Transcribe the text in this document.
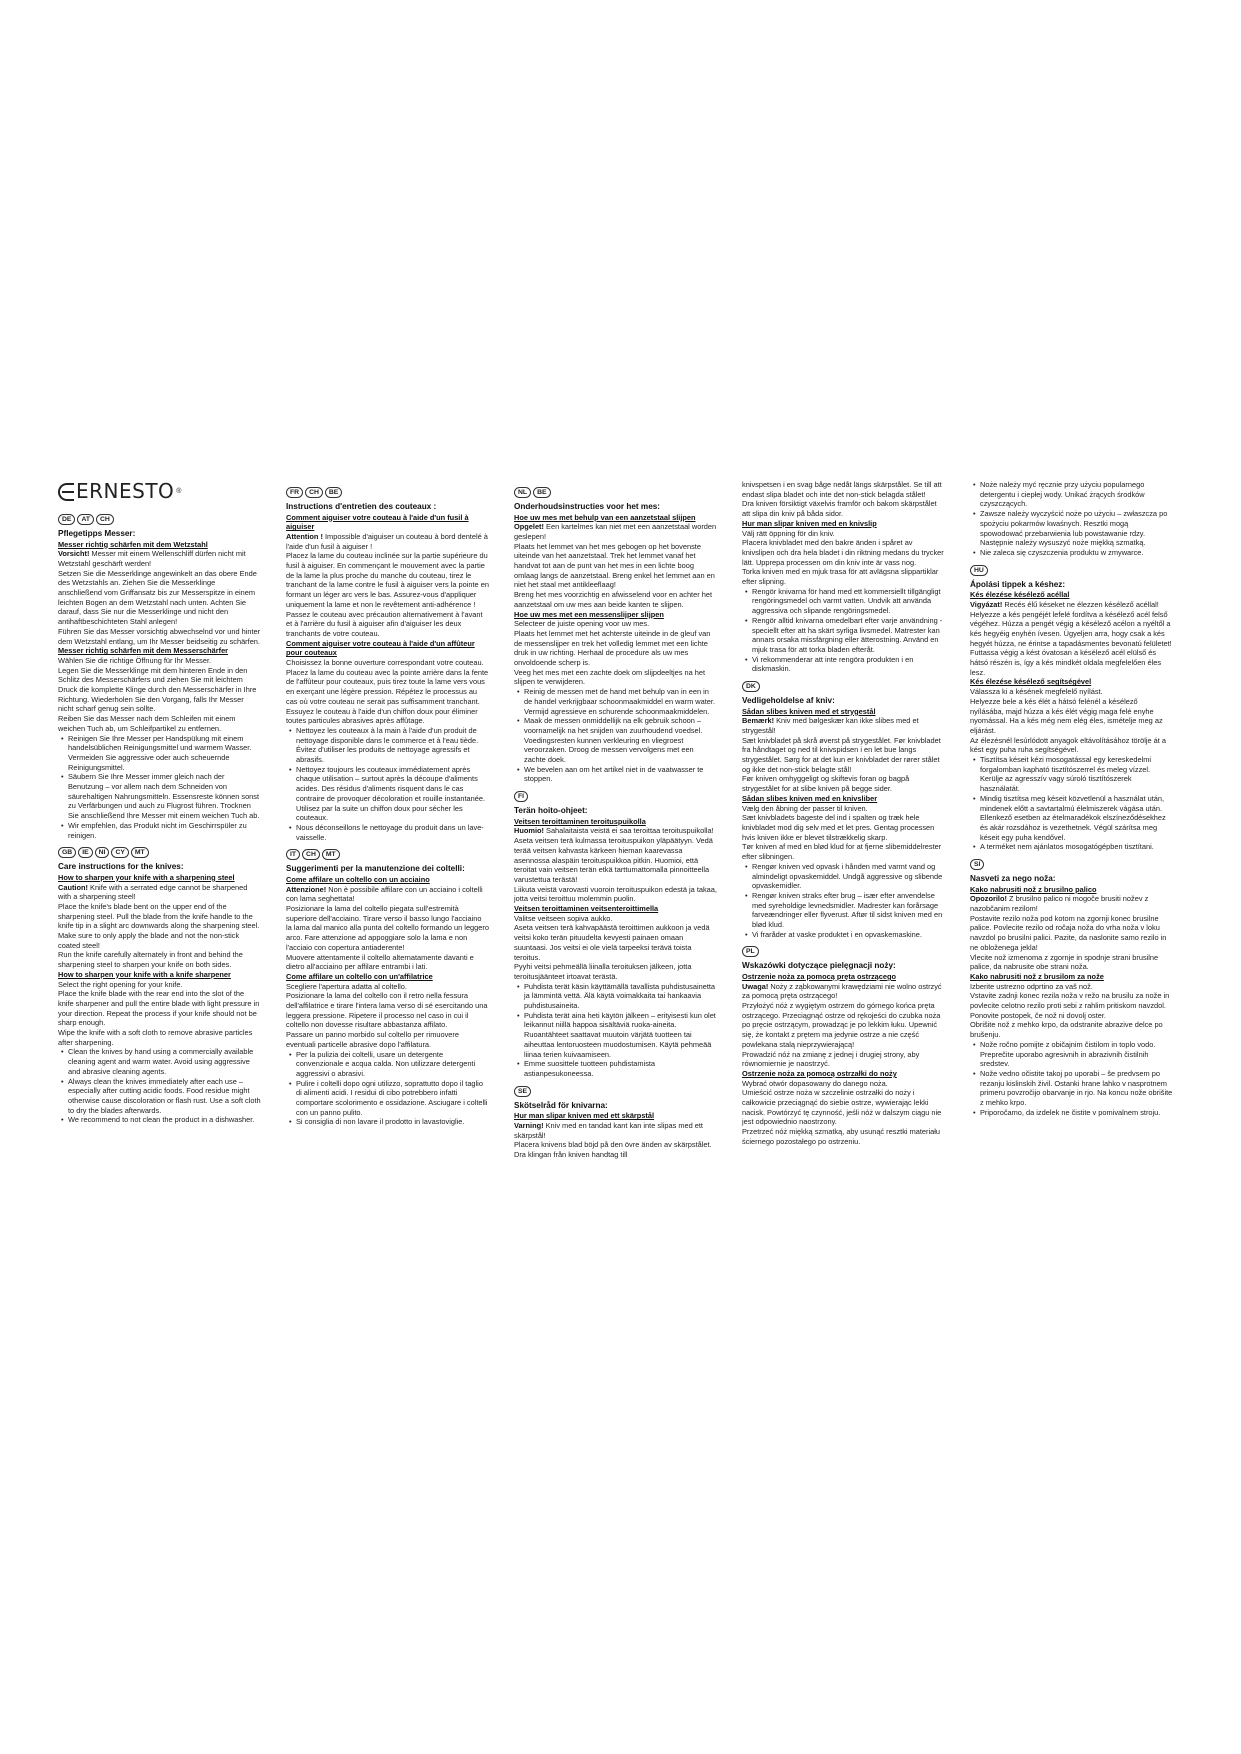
ERNESTO ®
DE	AT	CH
Pflegetipps Messer:

Messer richtig schärfen mit dem Wetzstahl

Vorsicht! Messer mit einem Wellenschliff dürfen nicht mit Wetzstahl geschärft werden!

Setzen Sie die Messerklinge angewinkelt an das obere Ende des Wetzstahls an. Ziehen Sie die Messerklinge anschließend vom Griffansatz bis zur Messerspitze in einem leichten Bogen an dem Wetzstahl nach unten. Achten Sie darauf, dass Sie nur die Messerklinge und nicht den antihaftbeschichteten Stahl anlegen!

Führen Sie das Messer vorsichtig abwechselnd vor und hinter dem Wetzstahl entlang, um Ihr Messer beidseitig zu schärfen.

Messer richtig schärfen mit dem Messerschärfer

Wählen Sie die richtige Öffnung für Ihr Messer.

Legen Sie die Messerklinge mit dem hinteren Ende in den Schlitz des Messerschärfers und ziehen Sie mit leichtem Druck die komplette Klinge durch den Messerschärfer in Ihre Richtung. Wiederholen Sie den Vorgang, falls Ihr Messer nicht scharf genug sein sollte.

Reiben Sie das Messer nach dem Schleifen mit einem weichen Tuch ab, um Schleifpartikel zu entfernen.

• Reinigen Sie Ihre Messer per Handspülung mit einem handelsüblichen Reinigungsmittel und warmem Wasser. Vermeiden Sie aggressive oder auch scheuernde Reinigungsmittel.

• Säubern Sie Ihre Messer immer gleich nach der Benutzung – vor allem nach dem Schneiden von säurehaltigen Nahrungsmitteln. Essensreste können sonst zu Verfärbungen und auch zu Flugrost führen. Trocknen Sie anschließend Ihre Messer mit einem weichen Tuch ab.

• Wir empfehlen, das Produkt nicht im Geschirrspüler zu reinigen.

GB	IE	NI	CY	MT
Care instructions for the knives:

How to sharpen your knife with a sharpening steel

Caution! Knife with a serrated edge cannot be sharpened with a sharpening steel!

Place the knife's blade bent on the upper end of the sharpening steel. Pull the blade from the knife handle to the knife tip in a slight arc downwards along the sharpening steel. Make sure to only apply the blade and not the non-stick coated steel!

Run the knife carefully alternately in front and behind the sharpening steel to sharpen your knife on both sides.

How to sharpen your knife with a knife sharpener

Select the right opening for your knife.

Place the knife blade with the rear end into the slot of the knife sharpener and pull the entire blade with light pressure in your direction. Repeat the process if your knife should not be sharp enough.

Wipe the knife with a soft cloth to remove abrasive particles after sharpening.

• Clean the knives by hand using a commercially available cleaning agent and warm water. Avoid using aggressive and abrasive cleaning agents.

• Always clean the knives immediately after each use – especially after cutting acidic foods. Food residue might otherwise cause discoloration or flash rust. Use a soft cloth to dry the blades afterwards.

• We recommend to not clean the product in a dishwasher.

FR	CH	BE
Instructions d'entretien des couteaux :

Comment aiguiser votre couteau à l'aide d'un fusil à aiguiser

Attention ! Impossible d'aiguiser un couteau à bord dentelé à l'aide d'un fusil à aiguiser !

Placez la lame du couteau inclinée sur la partie supérieure du fusil à aiguiser. En commençant le mouvement avec la partie de la lame la plus proche du manche du couteau, tirez le tranchant de la lame contre le fusil à aiguiser vers la pointe en formant un léger arc vers le bas. Assurez-vous d'appliquer uniquement la lame et non le revêtement anti-adhérence !

Passez le couteau avec précaution alternativement à l'avant et à l'arrière du fusil à aiguiser afin d'aiguiser les deux tranchants de votre couteau.

Comment aiguiser votre couteau à l'aide d'un affûteur pour couteaux

Choisissez la bonne ouverture correspondant votre couteau.

Placez la lame du couteau avec la pointe arrière dans la fente de l'affûteur pour couteaux, puis tirez toute la lame vers vous en exerçant une légère pression. Répétez le processus au cas où votre couteau ne serait pas suffisamment tranchant.

Essuyez le couteau à l'aide d'un chiffon doux pour éliminer toutes particules abrasives après affûtage.

• Nettoyez les couteaux à la main à l'aide d'un produit de nettoyage disponible dans le commerce et à l'eau tiède. Évitez d'utiliser les produits de nettoyage agressifs et abrasifs.

• Nettoyez toujours les couteaux immédiatement après chaque utilisation – surtout après la découpe d'aliments acides. Des résidus d'aliments risquent dans le cas contraire de provoquer décoloration et rouille instantanée. Utilisez par la suite un chiffon doux pour sécher les couteaux.

• Nous déconseillons le nettoyage du produit dans un lave-vaisselle.

IT	CH	MT
Suggerimenti per la manutenzione dei coltelli:

Come affilare un coltello con un acciaino

Attenzione! Non è possibile affilare con un acciaino i coltelli con lama seghettata!

Posizionare la lama del coltello piegata sull'estremità superiore dell'acciaino. Tirare verso il basso lungo l'acciaino la lama dal manico alla punta del coltello formando un leggero arco. Fare attenzione ad appoggiare solo la lama e non l'acciaio con copertura antiaderente!

Muovere attentamente il coltello alternatamente davanti e dietro all'acciaino per affilare entrambi i lati.

Come affilare un coltello con un'affilatrice

Scegliere l'apertura adatta al coltello.

Posizionare la lama del coltello con il retro nella fessura dell'affilatrice e tirare l'intera lama verso di sé esercitando una leggera pressione. Ripetere il processo nel caso in cui il coltello non dovesse risultare abbastanza affilato.

Passare un panno morbido sul coltello per rimuovere eventuali particelle abrasive dopo l'affilatura.

• Per la pulizia dei coltelli, usare un detergente convenzionale e acqua calda. Non utilizzare detergenti aggressivi o abrasivi.

• Pulire i coltelli dopo ogni utilizzo, soprattutto dopo il taglio di alimenti acidi. I residui di cibo potrebbero infatti comportare scolorimento e ossidazione. Asciugare i coltelli con un panno pulito.

• Si consiglia di non lavare il prodotto in lavastoviglie.

NL	BE
Onderhoudsinstructies voor het mes:

Hoe uw mes met behulp van een aanzetstaal slijpen

Opgelet! Een kartelmes kan niet met een aanzetstaal worden geslepen!

Plaats het lemmet van het mes gebogen op het bovenste uiteinde van het aanzetstaal. Trek het lemmet vanaf het handvat tot aan de punt van het mes in een lichte boog omlaag langs de aanzetstaal. Breng enkel het lemmet aan en niet het staal met antikleeflaag!

Breng het mes voorzichtig en afwisselend voor en achter het aanzetstaal om uw mes aan beide kanten te slijpen.

Hoe uw mes met een messenslijper slijpen

Selecteer de juiste opening voor uw mes.

Plaats het lemmet met het achterste uiteinde in de gleuf van de messenslijper en trek het volledig lemmet met een lichte druk in uw richting. Herhaal de procedure als uw mes onvoldoende scherp is.

Veeg het mes met een zachte doek om slijpdeeltjes na het slijpen te verwijderen.

• Reinig de messen met de hand met behulp van in een in de handel verkrijgbaar schoonmaakmiddel en warm water. Vermijd agressieve en schurende schoonmaakmiddelen.

• Maak de messen onmiddellijk na elk gebruik schoon – voornamelijk na het snijden van zuurhoudend voedsel. Voedingsresten kunnen verkleuring en vliegroest veroorzaken. Droog de messen vervolgens met een zachte doek.

• We bevelen aan om het artikel niet in de vaatwasser te stoppen.

FI
Terän hoito-ohjeet:

Veitsen teroittaminen teroituspuikolla

Huomio! Sahalaitaista veistä ei saa teroittaa teroituspuikolla!

Aseta veitsen terä kulmassa teroituspuikon yläpäätyyn. Vedä terää veitsen kahvasta kärkeen hieman kaarevassa asennossa alaspäin teroituspuikkoa pitkin. Huomioi, että teroitat vain veitsen terän etkä tarttumattomalla pinnoitteella varustettua terästä!

Liikuta veistä varovasti vuoroin teroituspuikon edestä ja takaa, jotta veitsi teroittuu molemmin puolin.

Veitsen teroittaminen veitsenteroittimella

Valitse veitseen sopiva aukko.

Aseta veitsen terä kahvapäästä teroittimen aukkoon ja vedä veitsi koko terän pituudelta kevyesti painaen omaan suuntaasi. Jos veitsi ei ole vielä tarpeeksi terävä toista teroitus.

Pyyhi veitsi pehmeällä liinalla teroituksen jälkeen, jotta teroitusjäänteet irtoavat terästä.

• Puhdista terät käsin käyttämällä tavallista puhdistusainetta ja lämmintä vettä. Älä käytä voimakkaita tai hankaavia puhdistusaineita.

• Puhdista terät aina heti käytön jälkeen – erityisesti kun olet leikannut niillä happoa sisältäviä ruoka-aineita. Ruoantähteet saattavat muutoin värjätä tuotteen tai aiheuttaa lentoruosteen muodostumisen. Käytä pehmeää liinaa terien kuivaamiseen.

• Emme suosittele tuotteen puhdistamista astianpesukoneessa.

SE
Skötselråd för knivarna:

Hur man slipar kniven med ett skärpstål

Varning! Kniv med en tandad kant kan inte slipas med ett skärpstål!

Placera knivens blad böjd på den övre änden av skärpstålet. Dra klingan från kniven handtag till

knivspetsen i en svag båge nedåt längs skärpstålet. Se till att endast slipa bladet och inte det non-stick belagda stålet!

Dra kniven försiktigt växelvis framför och bakom skärpstålet att slipa din kniv på båda sidor.

Hur man slipar kniven med en knivslip

Välj rätt öppning för din kniv.

Placera knivbladet med den bakre änden i spåret av knivslipen och dra hela bladet i din riktning medans du trycker lätt. Upprepa processen om din kniv inte är vass nog.

Torka kniven med en mjuk trasa för att avlägsna slippartiklar efter slipning.

• Rengör knivarna för hand med ett kommersiellt tillgängligt rengöringsmedel och varmt vatten. Undvik att använda aggressiva och slipande rengöringsmedel.

• Rengör alltid knivarna omedelbart efter varje användning - speciellt efter att ha skärt syrliga livsmedel. Matrester kan annars orsaka missfärgning eller ätterostning. Använd en mjuk trasa för att torka bladen efteråt.

• Vi rekommenderar att inte rengöra produkten i en diskmaskin.

DK
Vedligeholdelse af kniv:

Sådan slibes kniven med et strygestål

Bemærk! Kniv med bølgeskær kan ikke slibes med et strygestål!

Sæt knivbladet på skrå øverst på strygestålet. Før knivbladet fra håndtaget og ned til knivspidsen i en let bue langs strygestålet. Sørg for at det kun er knivbladet der rører stålet og ikke det non-stick belagte stål!

Før kniven omhyggeligt og skiftevis foran og bagpå strygestålet for at slibe kniven på begge sider.

Sådan slibes kniven med en knivsliber

Vælg den åbning der passer til kniven.

Sæt knivbladets bageste del ind i spalten og træk hele knivbladet mod dig selv med et let pres. Gentag processen hvis kniven ikke er blevet tilstrækkelig skarp.

Tør kniven af med en blød klud for at fjerne slibemiddelrester efter slibningen.

• Rengør kniven ved opvask i hånden med varmt vand og almindeligt opvaskemiddel. Undgå aggressive og slibende opvaskemidler.

• Rengør kniven straks efter brug – især efter anvendelse med syreholdige levnedsmidler. Madrester kan forårsage farveændringer eller flyverust. Aftør til sidst kniven med en blød klud.

• Vi fraråder at vaske produktet i en opvaskemaskine.

PL
Wskazówki dotyczące pielęgnacji noży:

Ostrzenie noża za pomocą pręta ostrzącego

Uwaga! Noży z ząbkowanymi krawędziami nie wolno ostrzyć za pomocą pręta ostrzącego!

Przyłożyć nóż z wygiętym ostrzem do górnego końca pręta ostrzącego. Przeciągnąć ostrze od rękojeści do czubka noża po pręcie ostrzącym, prowadząc je po lekkim łuku. Upewnić się, że kontakt z prętem ma jedynie ostrze a nie część powlekana stalą nieprzywierającą!

Prowadzić nóż na zmianę z jednej i drugiej strony, aby równomiernie je naostrzyć.

Ostrzenie noża za pomocą ostrzałki do noży

Wybrać otwór dopasowany do danego noża.

Umieścić ostrze noża w szczelinie ostrzałki do noży i całkowicie przeciągnąć do siebie ostrze, wywierając lekki nacisk. Powtórzyć tę czynność, jeśli nóż w dalszym ciągu nie jest odpowiednio naostrzony.

Przetrzeć nóż miękką szmatką, aby usunąć resztki materiału ściernego pozostałego po ostrzeniu.

• Noże należy myć ręcznie przy użyciu popularnego detergentu i ciepłej wody. Unikać żrących środków czyszczących.

• Zawsze należy wyczyścić noże po użyciu – zwłaszcza po spożyciu pokarmów kwaśnych. Resztki mogą spowodować przebarwienia lub powstawanie rdzy. Następnie należy wysuszyć noże miękką szmatką.

• Nie zaleca się czyszczenia produktu w zmywarce.

HU
Ápolási tippek a késhez:

Kés élezése késélező acéllal

Vigyázat! Recés élű késeket ne élezzen késélező acéllal!

Helyezze a kés pengéjét lefelé fordítva a késélező acél felső végéhez. Húzza a pengét végig a késélező acélon a nyéltől a kés hegyéig enyhén ívesen. Ügyeljen arra, hogy csak a kés hegyét húzza, ne érintse a tapadásmentes bevonatú felületet!

Futtassa végig a kést óvatosan a késélező acél elülső és hátsó részén is, így a kés mindkét oldala megfelelően éles lesz.

Kés élezése késélező segítségével

Válassza ki a késének megfelelő nyílást.

Helyezze bele a kés élét a hátsó felénél a késélező nyílásába, majd húzza a kés élét végig maga felé enyhe nyomással. Ha a kés még nem elég éles, ismételje meg az eljárást.

Az élezésnél lesúrlódott anyagok eltávolításához törölje át a kést egy puha ruha segítségével.

• Tisztítsa késeit kézi mosogatással egy kereskedelmi forgalomban kapható tisztítószerrel és meleg vízzel. Kerülje az agresszív vagy súroló tisztítószerek használatát.

• Mindig tisztítsa meg késeit közvetlenül a használat után, mindenek előtt a savtartalmú élelmiszerek vágása után. Ellenkező esetben az ételmaradékok elszíneződésekhez és akár rozsdához is vezethetnek. Végül szárítsa meg késeit egy puha kendővel.

• A terméket nem ajánlatos mosogatógépben tisztítani.

SI
Nasveti za nego noža:

Kako nabrusiti nož z brusilno palico

Opozorilo! Z brusilno palico ni mogoče brusiti nožev z nazobčanim rezilom!

Postavite rezilo noža pod kotom na zgornji konec brusilne palice. Povlecite rezilo od ročaja noža do vrha noža v loku navzdol po brusilni palici. Pazite, da naslonite samo rezilo in ne obloženega jekla!

Vlecite nož izmenoma z zgornje in spodnje strani brusilne palice, da nabrusite obe strani noža.

Kako nabrusiti nož z brusilom za nože

Izberite ustrezno odprtino za vaš nož.

Vstavite zadnji konec rezila noža v režo na brusilu za nože in povlecite celotno rezilo proti sebi z rahlim pritiskom navzdol. Ponovite postopek, če nož ni dovolj oster.

Obrišite nož z mehko krpo, da odstranite abrazive delce po brušenju.

• Nože ročno pomijte z običajnim čistilom in toplo vodo. Preprečite uporabo agresivnih in abrazivnih čistilnih sredstev.

• Nože vedno očistite takoj po uporabi – še predvsem po rezanju kislinskih živil. Ostanki hrane lahko v nasprotnem primeru povzročijo obarvanje in rjo. Na koncu nože obrišite z mehko krpo.

• Priporočamo, da izdelek ne čistite v pomivalnem stroju.
